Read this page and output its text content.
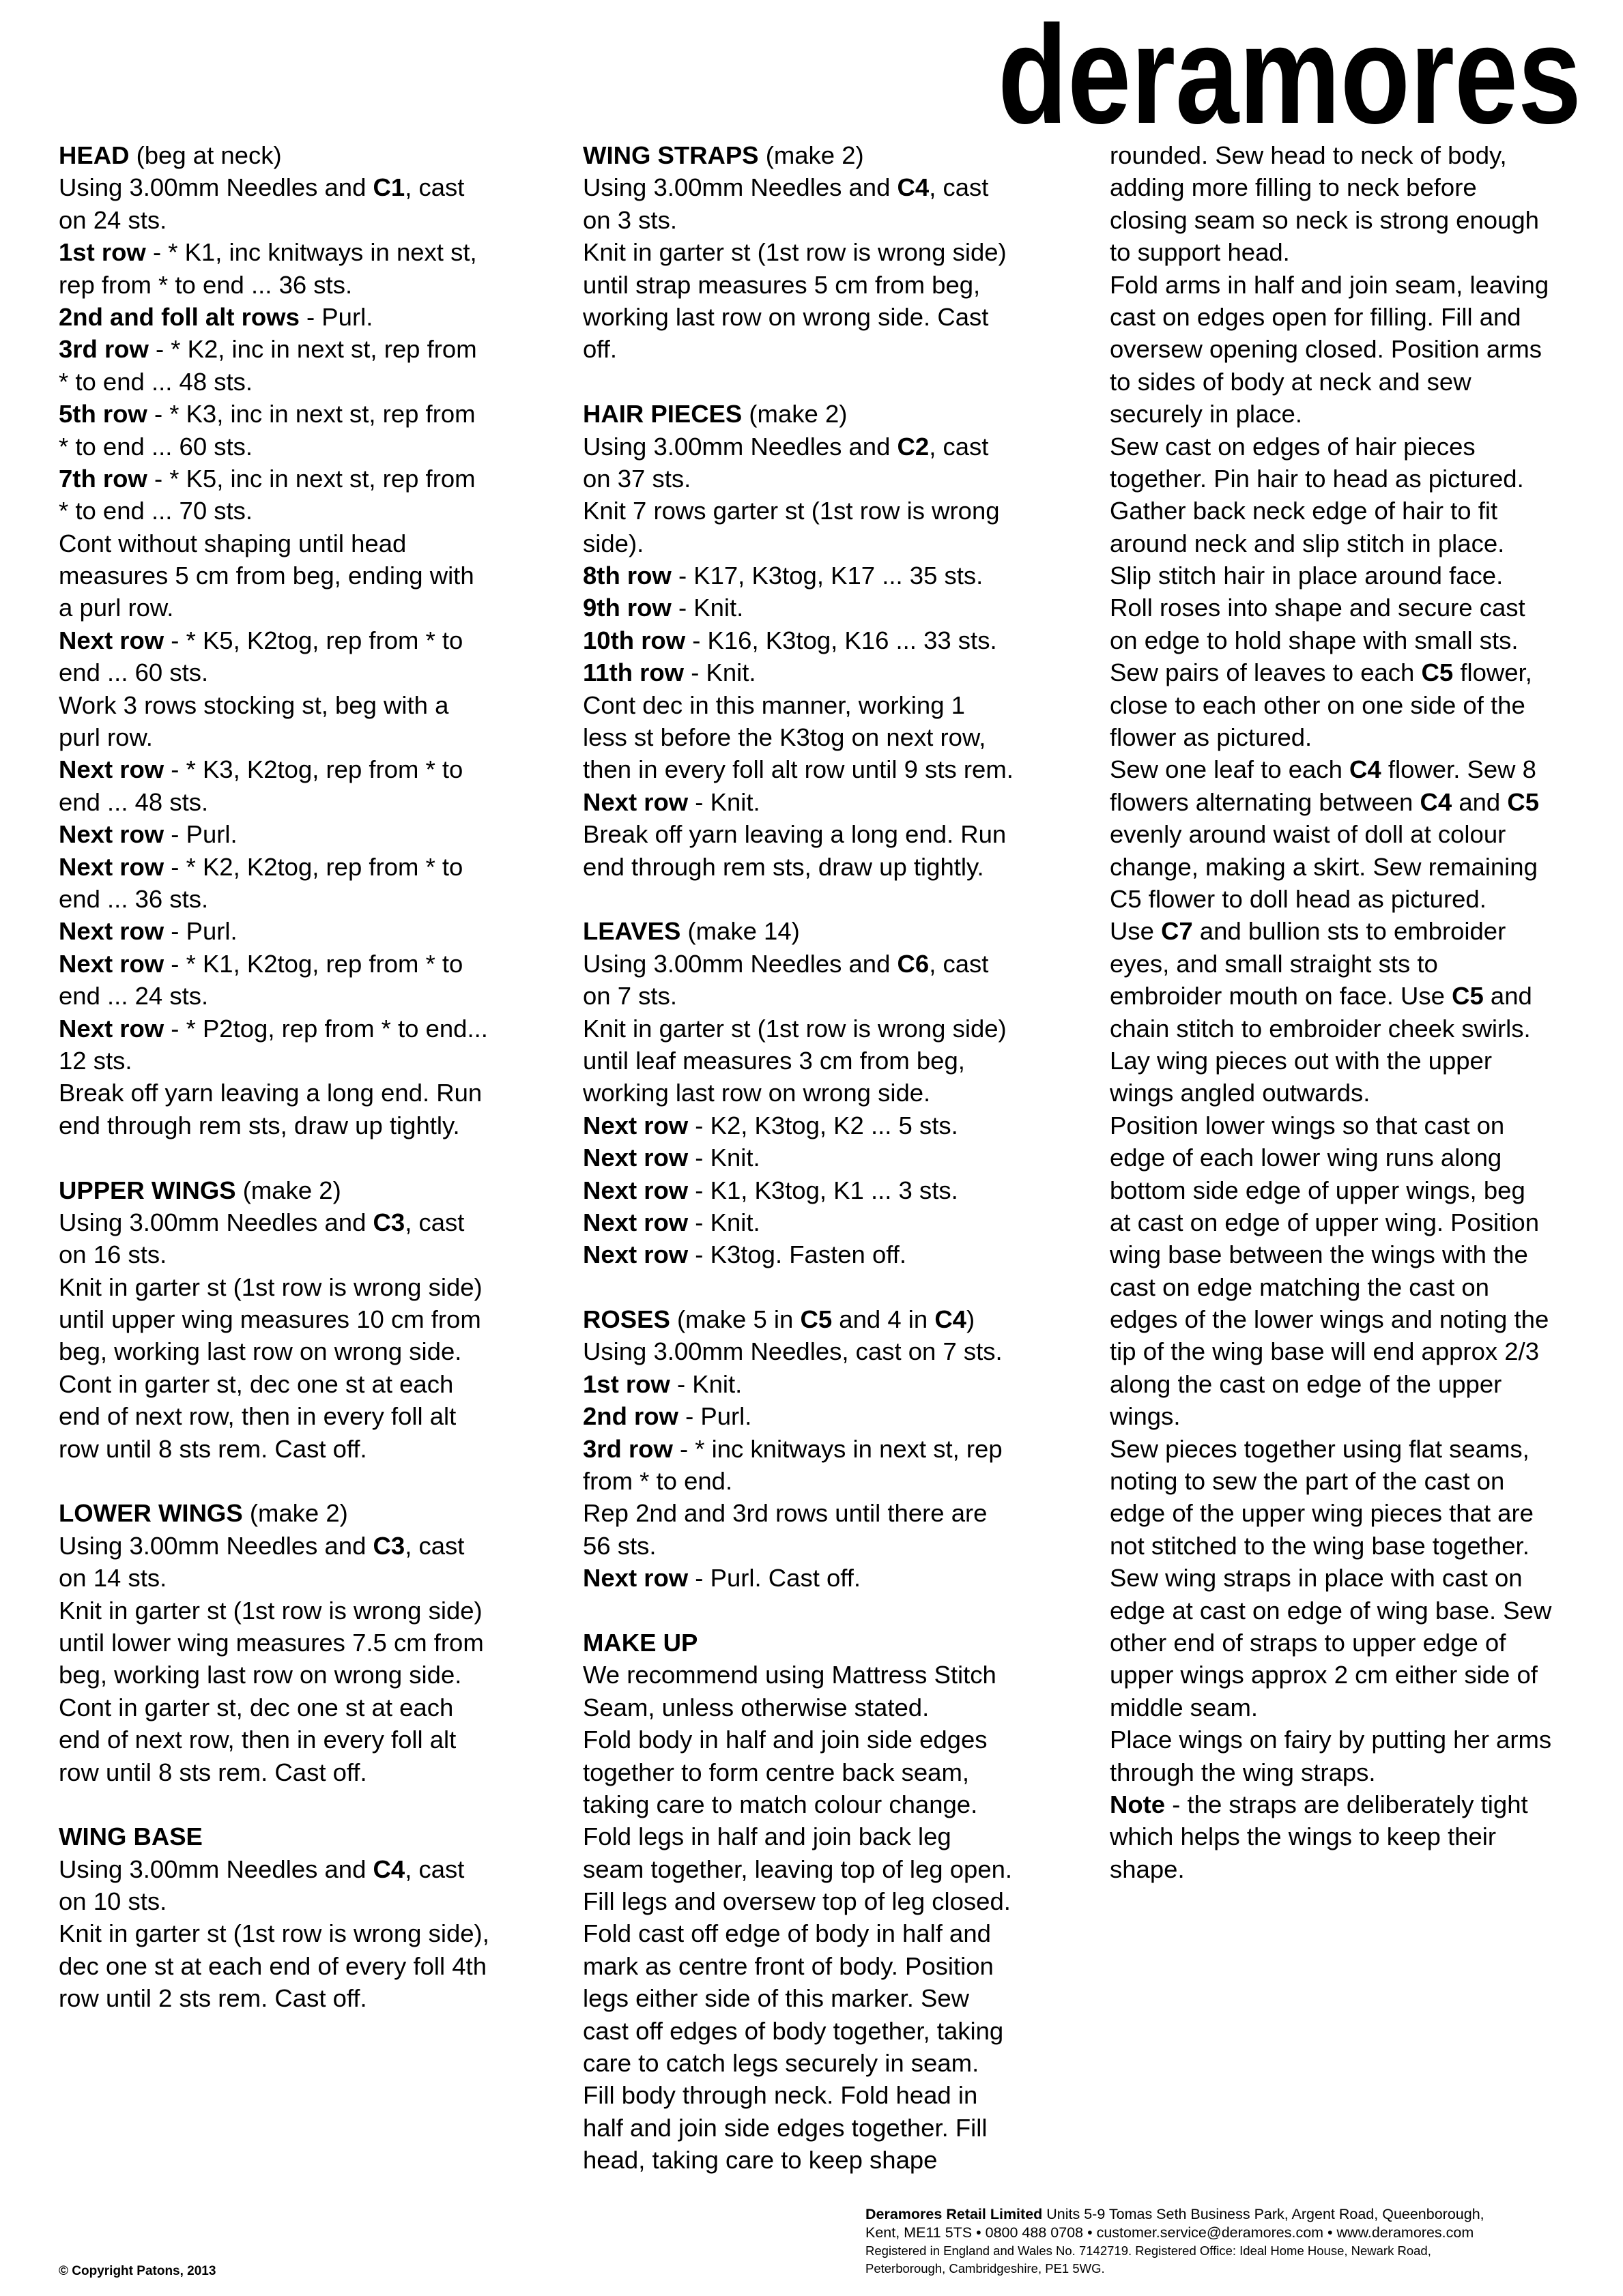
deramores
HEAD (beg at neck)
Using 3.00mm Needles and C1, cast
on 24 sts.
1st row - * K1, inc knitways in next st,
rep from * to end ... 36 sts.
2nd and foll alt rows - Purl.
3rd row - * K2, inc in next st, rep from
* to end ... 48 sts.
5th row - * K3, inc in next st, rep from
* to end ... 60 sts.
7th row - * K5, inc in next st, rep from
* to end ... 70 sts.
Cont without shaping until head
measures 5 cm from beg, ending with
a purl row.
Next row - * K5, K2tog, rep from * to
end ... 60 sts.
Work 3 rows stocking st, beg with a
purl row.
Next row - * K3, K2tog, rep from * to
end ... 48 sts.
Next row - Purl.
Next row - * K2, K2tog, rep from * to
end ... 36 sts.
Next row - Purl.
Next row - * K1, K2tog, rep from * to
end ... 24 sts.
Next row - * P2tog, rep from * to end...
12 sts.
Break off yarn leaving a long end. Run
end through rem sts, draw up tightly.
UPPER WINGS (make 2)
Using 3.00mm Needles and C3, cast
on 16 sts.
Knit in garter st (1st row is wrong side)
until upper wing measures 10 cm from
beg, working last row on wrong side.
Cont in garter st, dec one st at each
end of next row, then in every foll alt
row until 8 sts rem. Cast off.
LOWER WINGS (make 2)
Using 3.00mm Needles and C3, cast
on 14 sts.
Knit in garter st (1st row is wrong side)
until lower wing measures 7.5 cm from
beg, working last row on wrong side.
Cont in garter st, dec one st at each
end of next row, then in every foll alt
row until 8 sts rem. Cast off.
WING BASE
Using 3.00mm Needles and C4, cast
on 10 sts.
Knit in garter st (1st row is wrong side),
dec one st at each end of every foll 4th
row until 2 sts rem. Cast off.
WING STRAPS (make 2)
Using 3.00mm Needles and C4, cast
on 3 sts.
Knit in garter st (1st row is wrong side)
until strap measures 5 cm from beg,
working last row on wrong side. Cast
off.
HAIR PIECES (make 2)
Using 3.00mm Needles and C2, cast
on 37 sts.
Knit 7 rows garter st (1st row is wrong
side).
8th row - K17, K3tog, K17 ... 35 sts.
9th row - Knit.
10th row - K16, K3tog, K16 ... 33 sts.
11th row - Knit.
Cont dec in this manner, working 1
less st before the K3tog on next row,
then in every foll alt row until 9 sts rem.
Next row - Knit.
Break off yarn leaving a long end. Run
end through rem sts, draw up tightly.
LEAVES (make 14)
Using 3.00mm Needles and C6, cast
on 7 sts.
Knit in garter st (1st row is wrong side)
until leaf measures 3 cm from beg,
working last row on wrong side.
Next row - K2, K3tog, K2 ... 5 sts.
Next row - Knit.
Next row - K1, K3tog, K1 ... 3 sts.
Next row - Knit.
Next row - K3tog. Fasten off.
ROSES (make 5 in C5 and 4 in C4)
Using 3.00mm Needles, cast on 7 sts.
1st row - Knit.
2nd row - Purl.
3rd row - * inc knitways in next st, rep
from * to end.
Rep 2nd and 3rd rows until there are
56 sts.
Next row - Purl. Cast off.
MAKE UP
We recommend using Mattress Stitch
Seam, unless otherwise stated.
Fold body in half and join side edges
together to form centre back seam,
taking care to match colour change.
Fold legs in half and join back leg
seam together, leaving top of leg open.
Fill legs and oversew top of leg closed.
Fold cast off edge of body in half and
mark as centre front of body. Position
legs either side of this marker. Sew
cast off edges of body together, taking
care to catch legs securely in seam.
Fill body through neck. Fold head in
half and join side edges together. Fill
head, taking care to keep shape
rounded. Sew head to neck of body,
adding more filling to neck before
closing seam so neck is strong enough
to support head.
Fold arms in half and join seam, leaving
cast on edges open for filling. Fill and
oversew opening closed. Position arms
to sides of body at neck and sew
securely in place.
Sew cast on edges of hair pieces
together. Pin hair to head as pictured.
Gather back neck edge of hair to fit
around neck and slip stitch in place.
Slip stitch hair in place around face.
Roll roses into shape and secure cast
on edge to hold shape with small sts.
Sew pairs of leaves to each C5 flower,
close to each other on one side of the
flower as pictured.
Sew one leaf to each C4 flower. Sew 8
flowers alternating between C4 and C5
evenly around waist of doll at colour
change, making a skirt. Sew remaining
C5 flower to doll head as pictured.
Use C7 and bullion sts to embroider
eyes, and small straight sts to
embroider mouth on face. Use C5 and
chain stitch to embroider cheek swirls.
Lay wing pieces out with the upper
wings angled outwards.
Position lower wings so that cast on
edge of each lower wing runs along
bottom side edge of upper wings, beg
at cast on edge of upper wing. Position
wing base between the wings with the
cast on edge matching the cast on
edges of the lower wings and noting the
tip of the wing base will end approx 2/3
along the cast on edge of the upper
wings.
Sew pieces together using flat seams,
noting to sew the part of the cast on
edge of the upper wing pieces that are
not stitched to the wing base together.
Sew wing straps in place with cast on
edge at cast on edge of wing base. Sew
other end of straps to upper edge of
upper wings approx 2 cm either side of
middle seam.
Place wings on fairy by putting her arms
through the wing straps.
Note - the straps are deliberately tight
which helps the wings to keep their
shape.
Deramores Retail Limited Units 5-9 Tomas Seth Business Park, Argent Road, Queenborough,
Kent, ME11 5TS • 0800 488 0708 • customer.service@deramores.com • www.deramores.com
Registered in England and Wales No. 7142719. Registered Office: Ideal Home House, Newark Road,
Peterborough, Cambridgeshire, PE1 5WG.
© Copyright Patons, 2013
